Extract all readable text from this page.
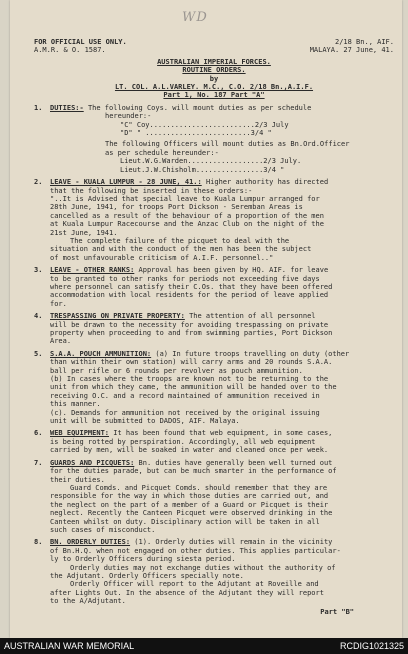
WD
FOR OFFICIAL USE ONLY.	2/18 Bn., AIF.
A.M.R. & O. 1587.	MALAYA. 27 June, 41.
AUSTRALIAN IMPERIAL FORCES.
ROUTINE ORDERS.
by
LT. COL. A.L.VARLEY. M.C., C.O. 2/18 Bn.,A.I.F.
Part 1, No. 187 Part "A"
1.	DUTIES:- The following Coys. will mount duties as per schedule

hereunder:-

"C" Coy.........................2/3 July

"D" " .........................3/4 "

The following Officers will mount duties as Bn.Ord.Officer

as per schedule hereunder:-

Lieut.W.G.Warden..................2/3 July.

Lieut.J.W.Chisholm................3/4 "

2.	LEAVE - KUALA LUMPUR - 28 JUNE, 41.: Higher authority has directed

that the following be inserted in these orders:-

"..It is Advised that special leave to Kuala Lumpur arranged for

28th June, 1941, for troops Port Dickson - Seremban Areas is

cancelled as a result of the behaviour of a proportion of the men

at Kuala Lumpur Racecourse and the Anzac Club on the night of the

21st June, 1941.

The complete failure of the picquet to deal with the

situation and with the conduct of the men has been the subject

of most unfavourable criticism of A.I.F. personnel.."

3.	LEAVE - OTHER RANKS: Approval has been given by HQ. AIF. for leave

to be granted to other ranks for periods not exceeding five days

where personnel can satisfy their C.Os. that they have been offered

accommodation with local residents for the period of leave applied

for.

4.	TRESPASSING ON PRIVATE PROPERTY: The attention of all personnel

will be drawn to the necessity for avoiding trespassing on private

property when proceeding to and from swimming parties, Port Dickson

Area.

5.	S.A.A. POUCH AMMUNITION: (a) In future troops travelling on duty (other

than within their own station) will carry arms and 20 rounds S.A.A.

ball per rifle or 6 rounds per revolver as pouch ammunition.

(b) In cases where the troops are known not to be returning to the

unit from which they came, the ammunition will be handed over to the

receiving O.C. and a record maintained of ammunition received in

this manner.

(c). Demands for ammunition not received by the original issuing

unit will be submitted to DADOS, AIF. Malaya.

6.	WEB EQUIPMENT: It has been found that web equipment, in some cases,

is being rotted by perspiration. Accordingly, all web equipment

carried by men, will be soaked in water and cleaned once per week.

7.	GUARDS AND PICQUETS: Bn. duties have generally been well turned out

for the duties parade, but can be much smarter in the performance of

their duties.

Guard Comds. and Picquet Comds. should remember that they are

responsible for the way in which those duties are carried out, and

the neglect on the part of a member of a Guard or Picquet is their

neglect. Recently the Canteen Picquet were observed drinking in the

Canteen whilst on duty. Disciplinary action will be taken in all

such cases of misconduct.

8.	BN. ORDERLY DUTIES: (1). Orderly duties will remain in the vicinity

of Bn.H.Q. when not engaged on other duties. This applies particular-

ly to Orderly Officers during siesta period.

Orderly duties may not exchange duties without the authority of

the Adjutant. Orderly Officers specially note.

Orderly Officer will report to the Adjutant at Roveille and

after Lights Out. In the absence of the Adjutant they will report

to the A/Adjutant.

Part "B"
AUSTRALIAN WAR MEMORIAL	RCDIG1021325
